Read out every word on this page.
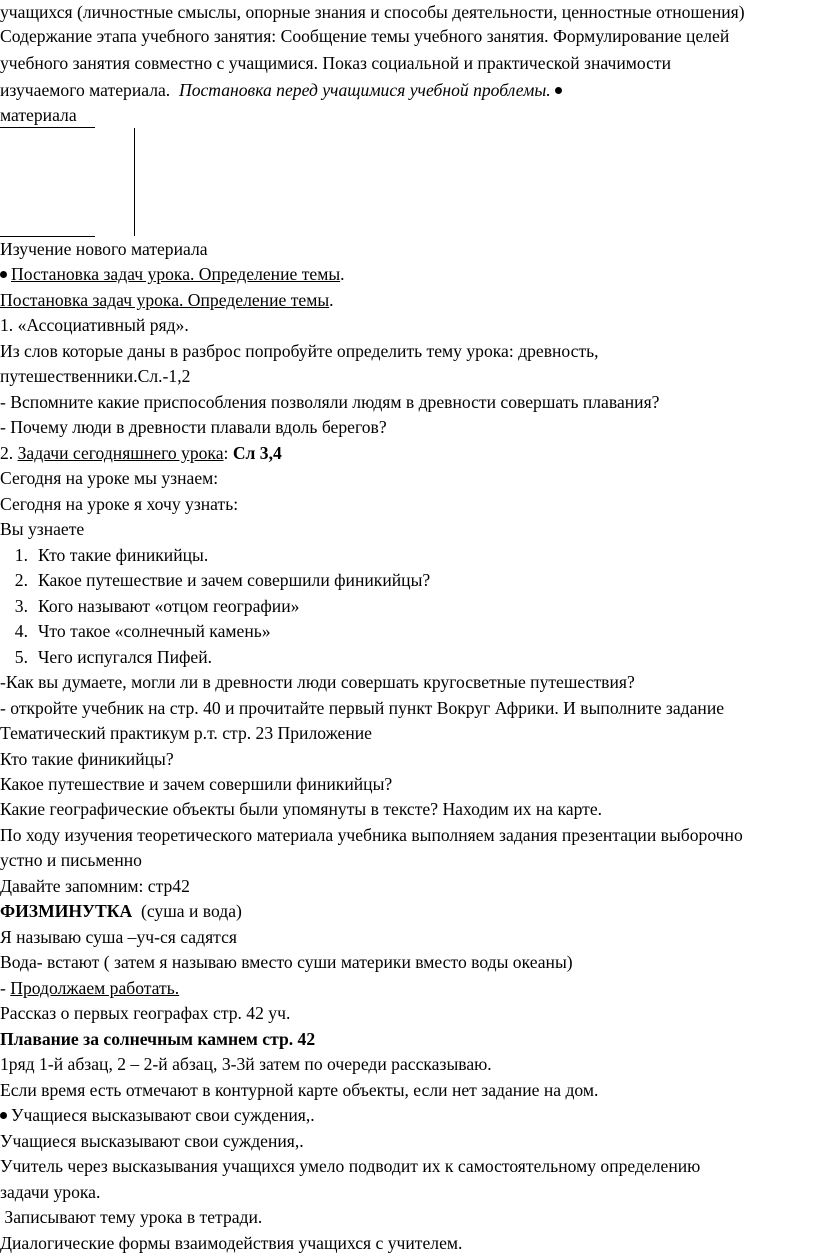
учащихся (личностные смыслы, опорные знания и способы деятельности, ценностные отношения)
Содержание этапа учебного занятия: Сообщение темы учебного занятия. Формулирование целей
учебного занятия совместно с учащимися. Показ социальной и практической значимости
изучаемого материала. Постановка перед учащимися учебной проблемы.
материала
Изучение нового материала
Постановка задач урока. Определение темы.
Постановка задач урока. Определение темы.
1. «Ассоциативный ряд».
Из слов которые даны в разброс попробуйте определить тему урока: древность,
путешественники.Сл.-1,2
- Вспомните какие приспособления позволяли людям в древности совершать плавания?
- Почему люди в древности плавали вдоль берегов?
2. Задачи сегодняшнего урока: Сл 3,4
Сегодня на уроке мы узнаем:
Сегодня на уроке я хочу узнать:
Вы узнаете
1. Кто такие финикийцы.
2. Какое путешествие и зачем совершили финикийцы?
3. Кого называют «отцом географии»
4. Что такое «солнечный камень»
5. Чего испугался Пифей.
-Как вы думаете, могли ли в древности люди совершать кругосветные путешествия?
- откройте учебник на стр. 40 и прочитайте первый пункт Вокруг Африки. И выполните задание
Тематический практикум р.т. стр. 23 Приложение
Кто такие финикийцы?
Какое путешествие и зачем совершили финикийцы?
Какие географические объекты были упомянуты в тексте? Находим их на карте.
По ходу изучения теоретического материала учебника выполняем задания презентации выборочно
устно и письменно
Давайте запомним: стр42
ФИЗМИНУТКА  (суша и вода)
Я называю суша –уч-ся садятся
Вода- встают ( затем я называю вместо суши материки вместо воды океаны)
- Продолжаем работать.
Рассказ о первых географах стр. 42 уч.
Плавание за солнечным камнем стр. 42
1ряд 1-й абзац, 2 – 2-й абзац, 3-3й затем по очереди рассказываю.
Если время есть отмечают в контурной карте объекты, если нет задание на дом.
Учащиеся высказывают свои суждения,.
Учащиеся высказывают свои суждения,.
Учитель через высказывания учащихся умело подводит их к самостоятельному определению
задачи урока.
Записывают тему урока в тетради.
Диалогические формы взаимодействия учащихся с учителем.
